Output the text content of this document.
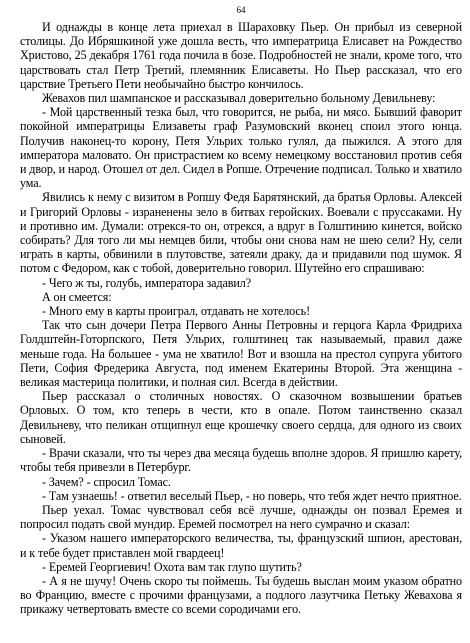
64

И однажды в конце лета приехал в Шараховку Пьер. Он прибыл из северной столицы. До Ибряшкиной уже дошла весть, что императрица Елисавет на Рождество Христово, 25 декабря 1761 года почила в бозе. Подробностей не знали, кроме того, что царствовать стал Петр Третий, племянник Елисаветы. Но Пьер рассказал, что его царствие Третьего Пети необычайно быстро кончилось.

Жевахов пил шампанское и рассказывал доверительно больному Девильневу:

- Мой царственный тезка был, что говорится, не рыба, ни мясо. Бывший фаворит покойной императрицы Елизаветы граф Разумовский вконец споил этого юнца. Получив наконец-то корону, Петя Ульрих только гулял, да пыжился. А этого для императора маловато. Он пристрастием ко всему немецкому восстановил против себя и двор, и народ. Отошел от дел. Сидел в Ропше. Отречение подписал. Только и хватило ума.

Явились к нему с визитом в Ропшу Федя Барятянский, да братья Орловы. Алексей и Григорий Орловы - израненены зело в битвах геройских. Воевали с пруссаками. Ну и противно им. Думали: отрекся-то он, отрекся, а вдруг в Голштинию кинется, войско собирать? Для того ли мы немцев били, чтобы они снова нам не шею сели? Ну, сели играть в карты, обвинили в плутовстве, затеяли драку, да и придавили под шумок. Я потом с Федором, как с тобой, доверительно говорил. Шутейно его спрашиваю:

- Чего ж ты, голубь, императора задавил?

А он смеется:

- Много ему в карты проиграл, отдавать не хотелось!

Так что сын дочери Петра Первого Анны Петровны и герцога Карла Фридриха Голдштейн-Готорпского, Петя Ульрих, голштинец так называемый, правил даже меньше года. На большее - ума не хватило! Вот и взошла на престол супруга убитого Пети, София Фредерика Августа, под именем Екатерины Второй. Эта женщина - великая мастерица политики, и полная сил. Всегда в действии.

Пьер рассказал о столичных новостях. О сказочном возвышении братьев Орловых. О том, кто теперь в чести, кто в опале. Потом таинственно сказал Девильневу, что пеликан отщипнул еще крошечку своего сердца, для одного из своих сыновей.

- Врачи сказали, что ты через два месяца будешь вполне здоров. Я пришлю карету, чтобы тебя привезли в Петербург.

- Зачем? - спросил Томас.

- Там узнаешь! - ответил веселый Пьер, - но поверь, что тебя ждет нечто приятное.

Пьер уехал. Томас чувствовал себя всё лучше, однажды он позвал Еремея и попросил подать свой мундир. Еремей посмотрел на него сумрачно и сказал:

- Указом нашего императорского величества, ты, французский шпион, арестован, и к тебе будет приставлен мой гвардеец!

- Еремей Георгиевич! Охота вам так глупо шутить?

- А я не шучу! Очень скоро ты поймешь. Ты будешь выслан моим указом обратно во Францию, вместе с прочими французами, а подлого лазутчика Петьку Жевахова я прикажу четвертовать вместе со всеми сородичами его.
